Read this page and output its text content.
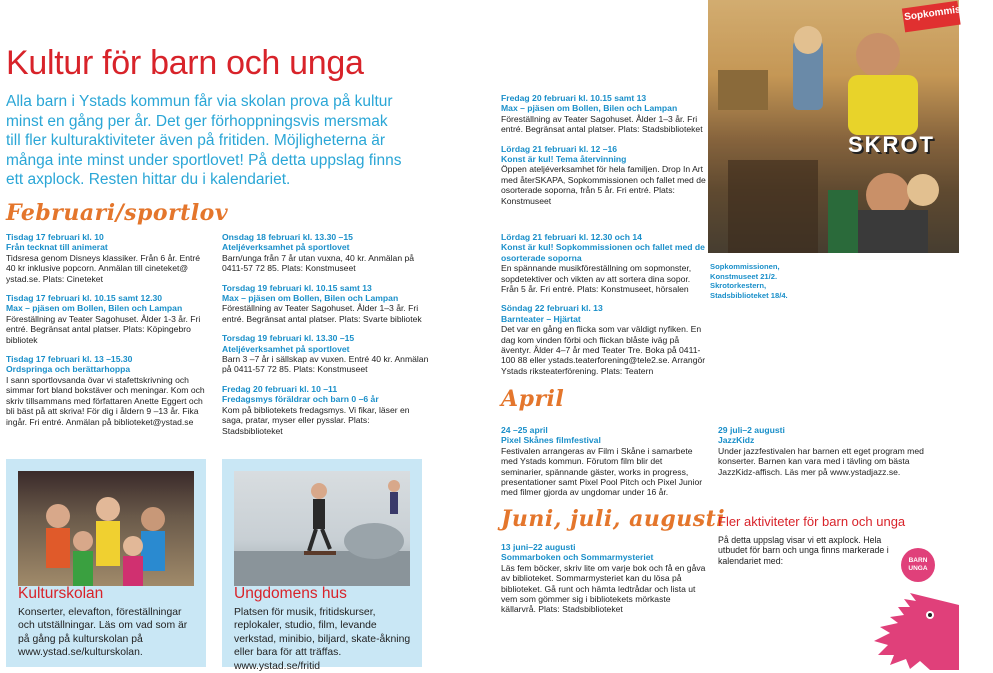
Kultur för barn och unga
Alla barn i Ystads kommun får via skolan prova på kultur minst en gång per år. Det ger förhoppningsvis mersmak till fler kulturaktiviteter även på fritiden. Möjligheterna är många inte minst under sportlovet! På detta uppslag finns ett axplock. Resten hittar du i kalendariet.
Februari/sportlov

Tisdag 17 februari kl. 10
Från tecknat till animerat
Tidsresa genom Disneys klassiker. Från 6 år. Entré 40 kr inklusive popcorn. Anmälan till cineteket@ ystad.se. Plats: Cineteket

Tisdag 17 februari kl. 10.15 samt 12.30
Max – pjäsen om Bollen, Bilen och Lampan
Föreställning av Teater Sagohuset. Ålder 1-3 år. Fri entré. Begränsat antal platser. Plats: Köpingebro bibliotek

Tisdag 17 februari kl. 13 –15.30
Ordspringa och berättarhoppa
I sann sportlovsanda övar vi stafettskrivning och simmar fort bland bokstäver och meningar. Kom och skriv tillsammans med författaren Anette Eggert och bli bäst på att skriva! För dig i åldern 9 –13 år. Fika ingår. Fri entré. Anmälan på biblioteket@ystad.se

Onsdag 18 februari kl. 13.30 –15
Ateljéverksamhet på sportlovet
Barn/unga från 7 år utan vuxna, 40 kr. Anmälan på 0411-57 72 85. Plats: Konstmuseet

Torsdag 19 februari kl. 10.15 samt 13
Max – pjäsen om Bollen, Bilen och Lampan
Föreställning av Teater Sagohuset. Ålder 1–3 år. Fri entré. Begränsat antal platser. Plats: Svarte bibliotek

Torsdag 19 februari kl. 13.30 –15
Ateljéverksamhet på sportlovet
Barn 3 –7 år i sällskap av vuxen. Entré 40 kr. Anmälan på 0411-57 72 85. Plats: Konstmuseet

Fredag 20 februari kl. 10 –11
Fredagsmys föräldrar och barn 0 –6 år
Kom på bibliotekets fredagsmys. Vi fikar, läser en saga, pratar, myser eller pysslar. Plats: Stadsbiblioteket

Fredag 20 februari kl. 10.15 samt 13
Max – pjäsen om Bollen, Bilen och Lampan
Föreställning av Teater Sagohuset. Ålder 1–3 år. Fri entré. Begränsat antal platser. Plats: Stadsbiblioteket

Lördag 21 februari kl. 12 –16
Konst är kul! Tema återvinning
Öppen ateljéverksamhet för hela familjen. Drop In Art med återSKAPA, Sopkommissionen och fallet med de osorterade soporna, från 5 år. Fri entré. Plats: Konstmuseet

Lördag 21 februari kl. 12.30 och 14
Konst är kul! Sopkommissionen och fallet med de osorterade soporna
En spännande musikföreställning om sopmonster, sopdetektiver och vikten av att sortera dina sopor. Från 5 år. Fri entré. Plats: Konstmuseet, hörsalen

Söndag 22 februari kl. 13
Barnteater – Hjärtat
Det var en gång en flicka som var väldigt nyfiken. En dag kom vinden förbi och flickan blåste iväg på äventyr. Ålder 4–7 år med Teater Tre. Boka på 0411-100 88 eller ystads.teaterforening@tele2.se. Arrangör Ystads riksteaterförening. Plats: Teatern

April
24 –25 april
Pixel Skånes filmfestival
Festivalen arrangeras av Film i Skåne i samarbete med Ystads kommun. Förutom film blir det seminarier, spännande gäster, works in progress, presentationer samt Pixel Pool Pitch och Pixel Junior med filmer gjorda av ungdomar under 16 år.
Juni, juli, augusti
13 juni–22 augusti
Sommarboken och Sommarmysteriet
Läs fem böcker, skriv lite om varje bok och få en gåva av biblioteket. Sommarmysteriet kan du lösa på biblioteket. Gå runt och hämta ledtrådar och lista ut vem som gömmer sig i bibliotekets mörkaste källarvrå. Plats: Stadsbiblioteket
29 juli–2 augusti
JazzKidz
Under jazzfestivalen har barnen ett eget program med konserter. Barnen kan vara med i tävling om bästa JazzKidz-affisch. Läs mer på www.ystadjazz.se.
Sopkommissionen, Konstmuseet 21/2. Skrotorkestern, Stadsbiblioteket 18/4.
Fler aktiviteter för barn och unga
På detta uppslag visar vi ett axplock. Hela utbudet för barn och unga finns markerade i kalendariet med:	BARN UNGA
Sopkommissionen
SKROT
Kulturskolan
Konserter, elevafton, föreställningar och utställningar. Läs om vad som är på gång på kulturskolan på www.ystad.se/kulturskolan.
Ungdomens hus
Platsen för musik, fritidskurser, replokaler, studio, film, levande verkstad, minibio, biljard, skate-åkning eller bara för att träffas. www.ystad.se/fritid
